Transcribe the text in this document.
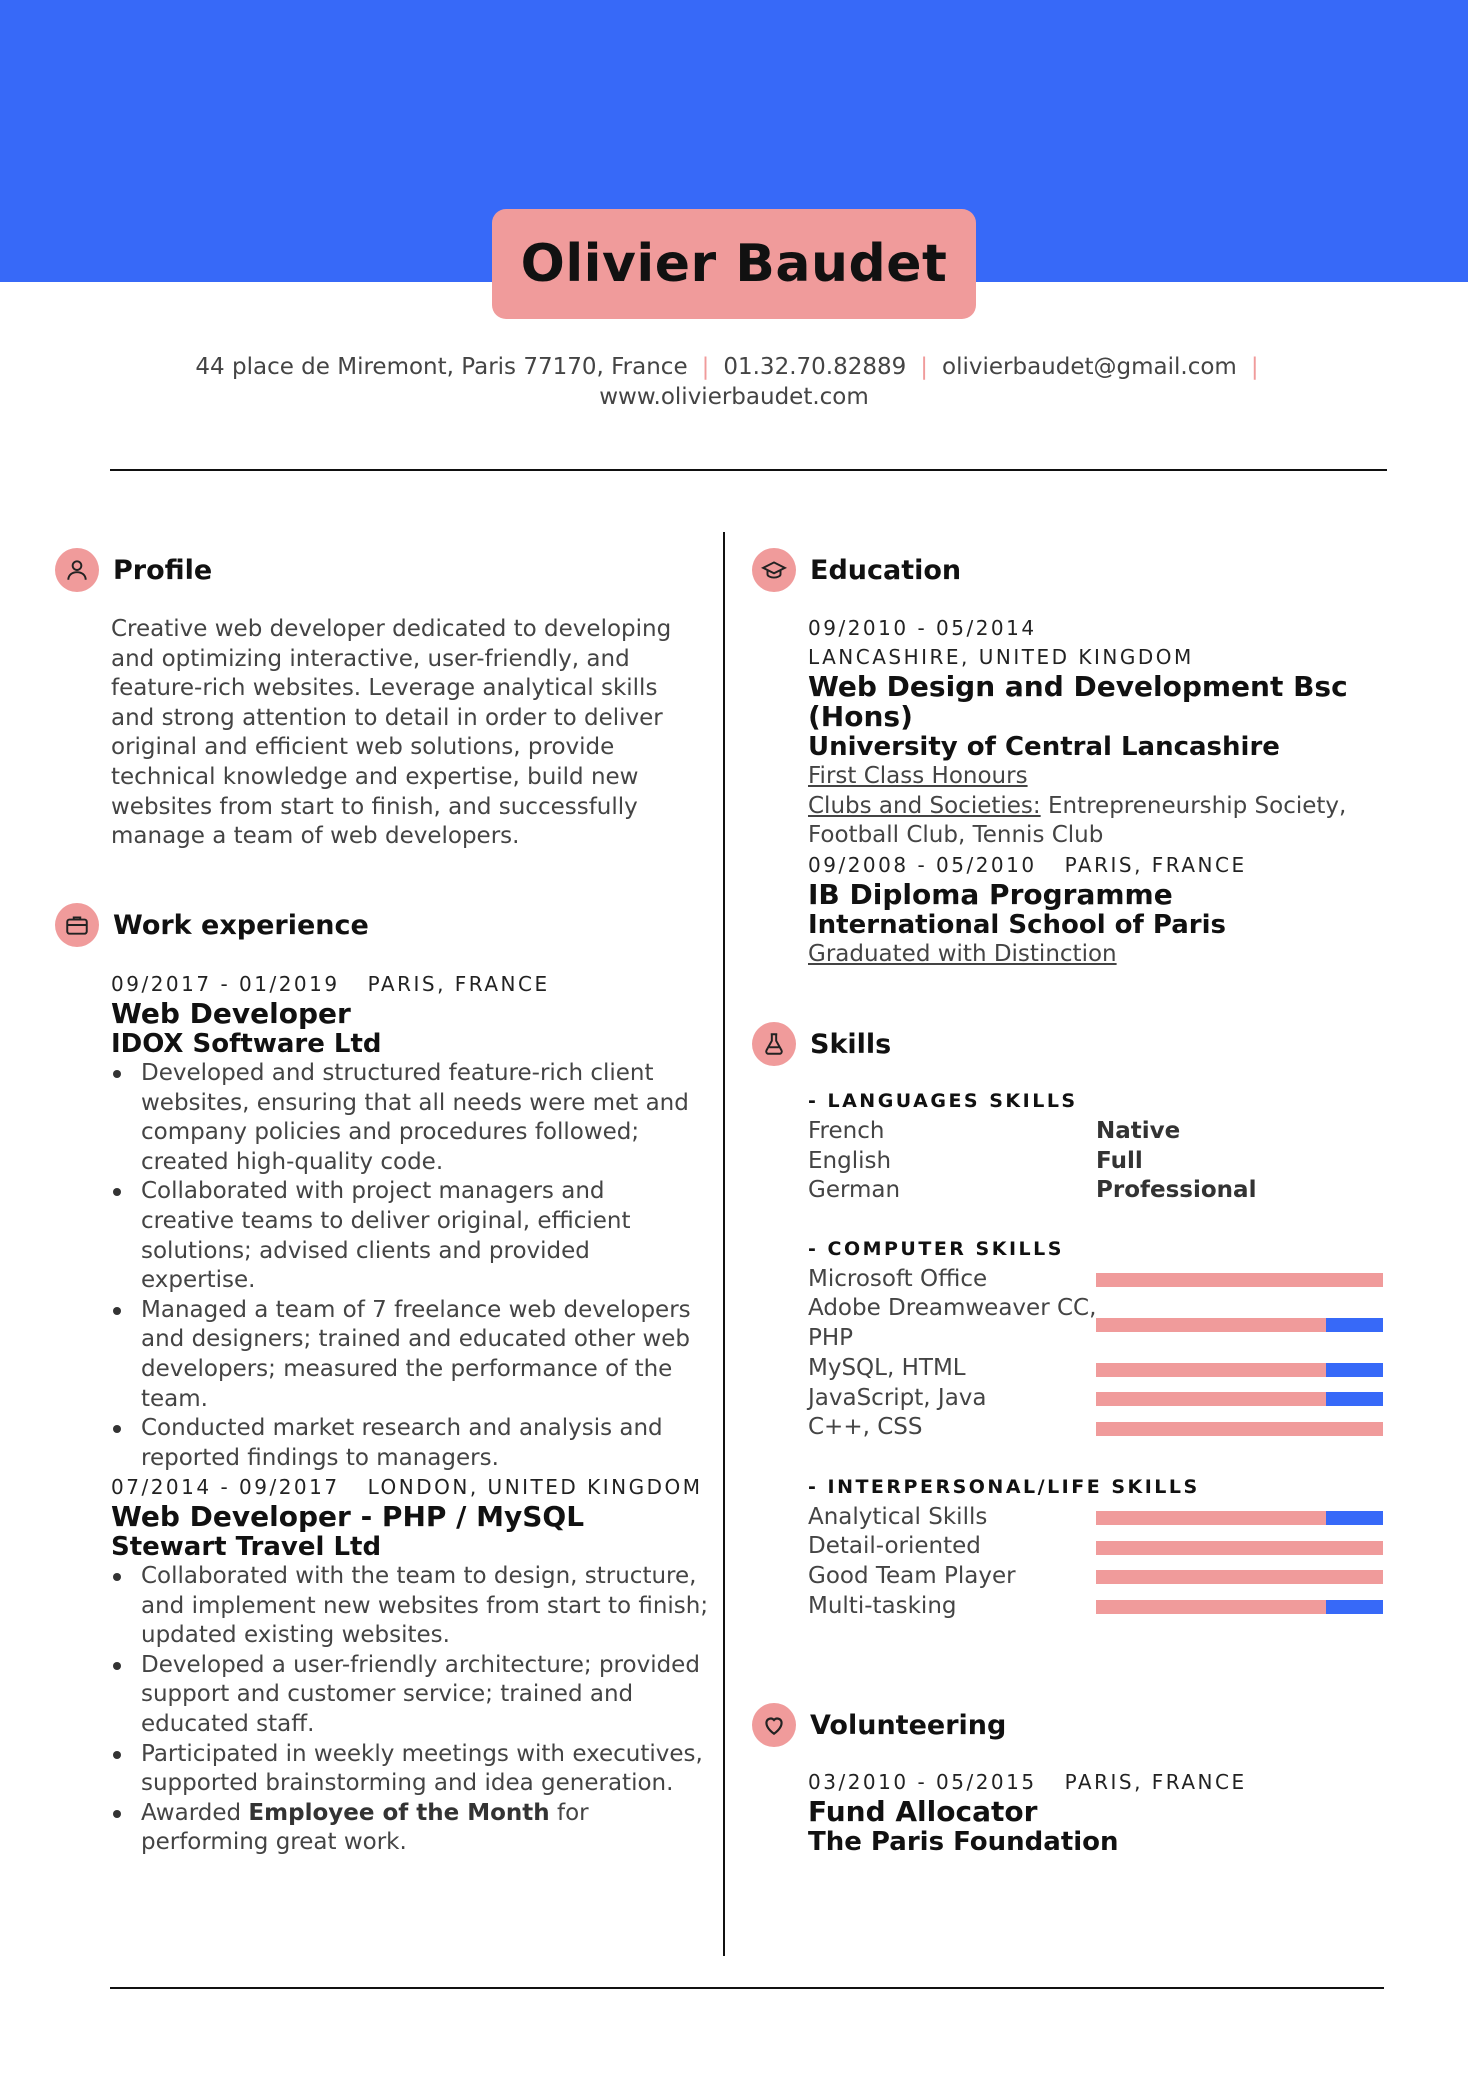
Olivier Baudet
44 place de Miremont, Paris 77170, France | 01.32.70.82889 | olivierbaudet@gmail.com |
www.olivierbaudet.com
Profile

Creative web developer dedicated to developing and optimizing interactive, user-friendly, and feature-rich websites. Leverage analytical skills and strong attention to detail in order to deliver original and efficient web solutions, provide technical knowledge and expertise, build new websites from start to finish, and successfully manage a team of web developers.

Work experience
09/2017 - 01/2019 PARIS, FRANCE
Web Developer
IDOX Software Ltd
Developed and structured feature-rich client websites, ensuring that all needs were met and company policies and procedures followed; created high-quality code.
Collaborated with project managers and creative teams to deliver original, efficient solutions; advised clients and provided expertise.
Managed a team of 7 freelance web developers and designers; trained and educated other web developers; measured the performance of the team.
Conducted market research and analysis and reported findings to managers.
07/2014 - 09/2017 LONDON, UNITED KINGDOM
Web Developer - PHP / MySQL
Stewart Travel Ltd
Collaborated with the team to design, structure, and implement new websites from start to finish; updated existing websites.
Developed a user-friendly architecture; provided support and customer service; trained and educated staff.
Participated in weekly meetings with executives, supported brainstorming and idea generation.
Awarded Employee of the Month for performing great work.
Education
09/2010 - 05/2014
LANCASHIRE, UNITED KINGDOM
Web Design and Development Bsc (Hons)
University of Central Lancashire
First Class Honours
Clubs and Societies: Entrepreneurship Society, Football Club, Tennis Club
09/2008 - 05/2010 PARIS, FRANCE
IB Diploma Programme
International School of Paris
Graduated with Distinction
Skills
- LANGUAGES SKILLS
French	Native
English	Full
German	Professional
- COMPUTER SKILLS
Microsoft Office
Adobe Dreamweaver CC,
PHP
MySQL, HTML
JavaScript, Java
C++, CSS
- INTERPERSONAL/LIFE SKILLS
Analytical Skills
Detail-oriented
Good Team Player
Multi-tasking
Volunteering
03/2010 - 05/2015 PARIS, FRANCE
Fund Allocator
The Paris Foundation
